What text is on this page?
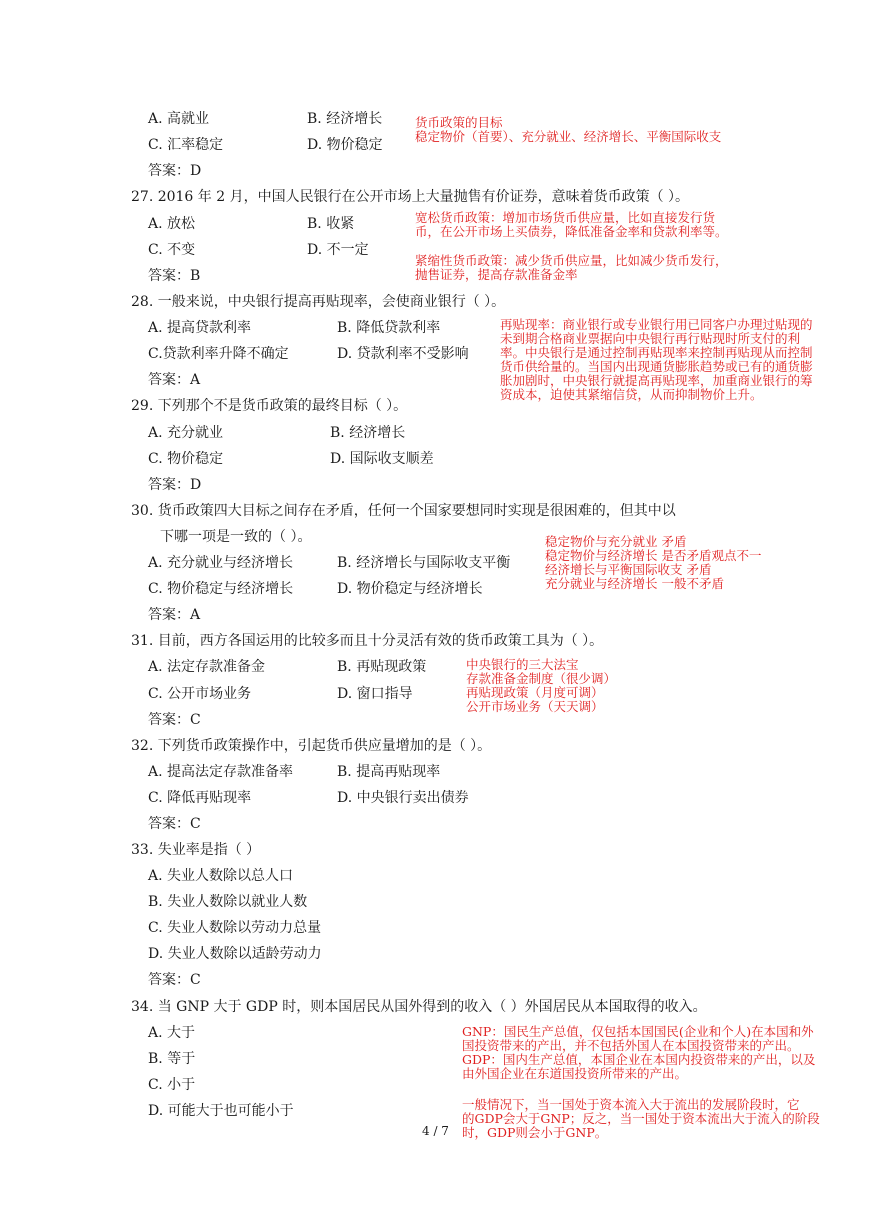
A. 高就业	B. 经济增长
C. 汇率稳定	D. 物价稳定
答案：D
货币政策的目标
稳定物价（首要）、充分就业、经济增长、平衡国际收支
27. 2016 年 2 月，中国人民银行在公开市场上大量抛售有价证券，意味着货币政策（ ）。
A. 放松	B. 收紧
C. 不变	D. 不一定
答案：B
宽松货币政策：增加市场货币供应量，比如直接发行货
币，在公开市场上买债券，降低准备金率和贷款利率等。
紧缩性货币政策：减少货币供应量，比如减少货币发行，
抛售证券，提高存款准备金率
28. 一般来说，中央银行提高再贴现率，会使商业银行（ ）。
A. 提高贷款利率	B. 降低贷款利率
C.贷款利率升降不确定	D. 贷款利率不受影响
答案：A
再贴现率：商业银行或专业银行用已同客户办理过贴现的
未到期合格商业票据向中央银行再行贴现时所支付的利
率。中央银行是通过控制再贴现率来控制再贴现从而控制
货币供给量的。当国内出现通货膨胀趋势或已有的通货膨
胀加剧时，中央银行就提高再贴现率，加重商业银行的筹
资成本，迫使其紧缩信贷，从而抑制物价上升。
29. 下列那个不是货币政策的最终目标（ ）。
A. 充分就业	B. 经济增长
C. 物价稳定	D. 国际收支顺差
答案：D
30. 货币政策四大目标之间存在矛盾，任何一个国家要想同时实现是很困难的，但其中以
下哪一项是一致的（ ）。
A. 充分就业与经济增长	B. 经济增长与国际收支平衡
C. 物价稳定与经济增长	D. 物价稳定与经济增长
答案：A
稳定物价与充分就业 矛盾
稳定物价与经济增长 是否矛盾观点不一
经济增长与平衡国际收支 矛盾
充分就业与经济增长 一般不矛盾
31. 目前，西方各国运用的比较多而且十分灵活有效的货币政策工具为（ ）。
A. 法定存款准备金	B. 再贴现政策
C. 公开市场业务	D. 窗口指导
答案：C
中央银行的三大法宝
存款准备金制度（很少调）
再贴现政策（月度可调）
公开市场业务（天天调）
32. 下列货币政策操作中，引起货币供应量增加的是（ ）。
A. 提高法定存款准备率	B. 提高再贴现率
C. 降低再贴现率	D. 中央银行卖出债券
答案：C
33. 失业率是指（ ）
A. 失业人数除以总人口
B. 失业人数除以就业人数
C. 失业人数除以劳动力总量
D. 失业人数除以适龄劳动力
答案：C
34. 当 GNP 大于 GDP 时，则本国居民从国外得到的收入（ ）外国居民从本国取得的收入。
A. 大于
B. 等于
C. 小于
D. 可能大于也可能小于
GNP：国民生产总值，仅包括本国国民(企业和个人)在本国和外
国投资带来的产出，并不包括外国人在本国投资带来的产出。
GDP：国内生产总值，本国企业在本国内投资带来的产出，以及
由外国企业在东道国投资所带来的产出。
一般情况下，当一国处于资本流入大于流出的发展阶段时，它
的GDP会大于GNP；反之，当一国处于资本流出大于流入的阶段
时，GDP则会小于GNP。
4 / 7
